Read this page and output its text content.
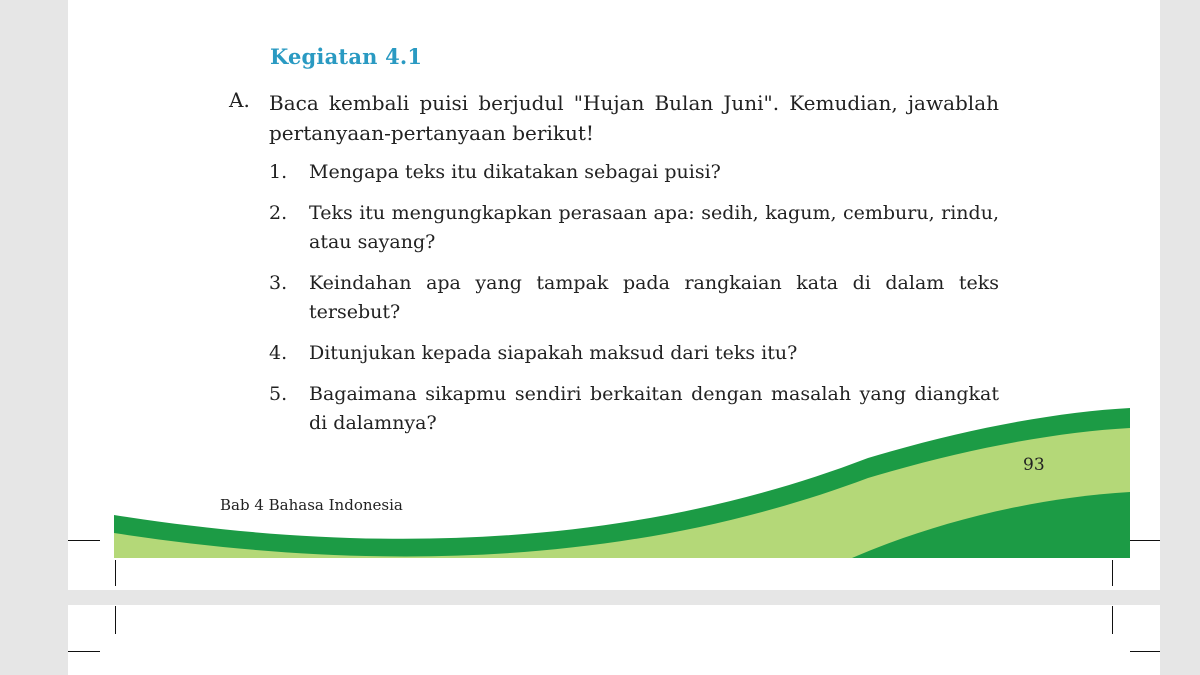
Kegiatan 4.1
A. Baca kembali puisi berjudul "Hujan Bulan Juni". Kemudian, jawablah pertanyaan-pertanyaan berikut!
1.	Mengapa teks itu dikatakan sebagai puisi?
2.	Teks itu mengungkapkan perasaan apa: sedih, kagum, cemburu, rindu, atau sayang?
3.	Keindahan apa yang tampak pada rangkaian kata di dalam teks tersebut?
4.	Ditunjukan kepada siapakah maksud dari teks itu?
5.	Bagaimana sikapmu sendiri berkaitan dengan masalah yang diangkat di dalamnya?
Bab 4 Bahasa Indonesia
93
